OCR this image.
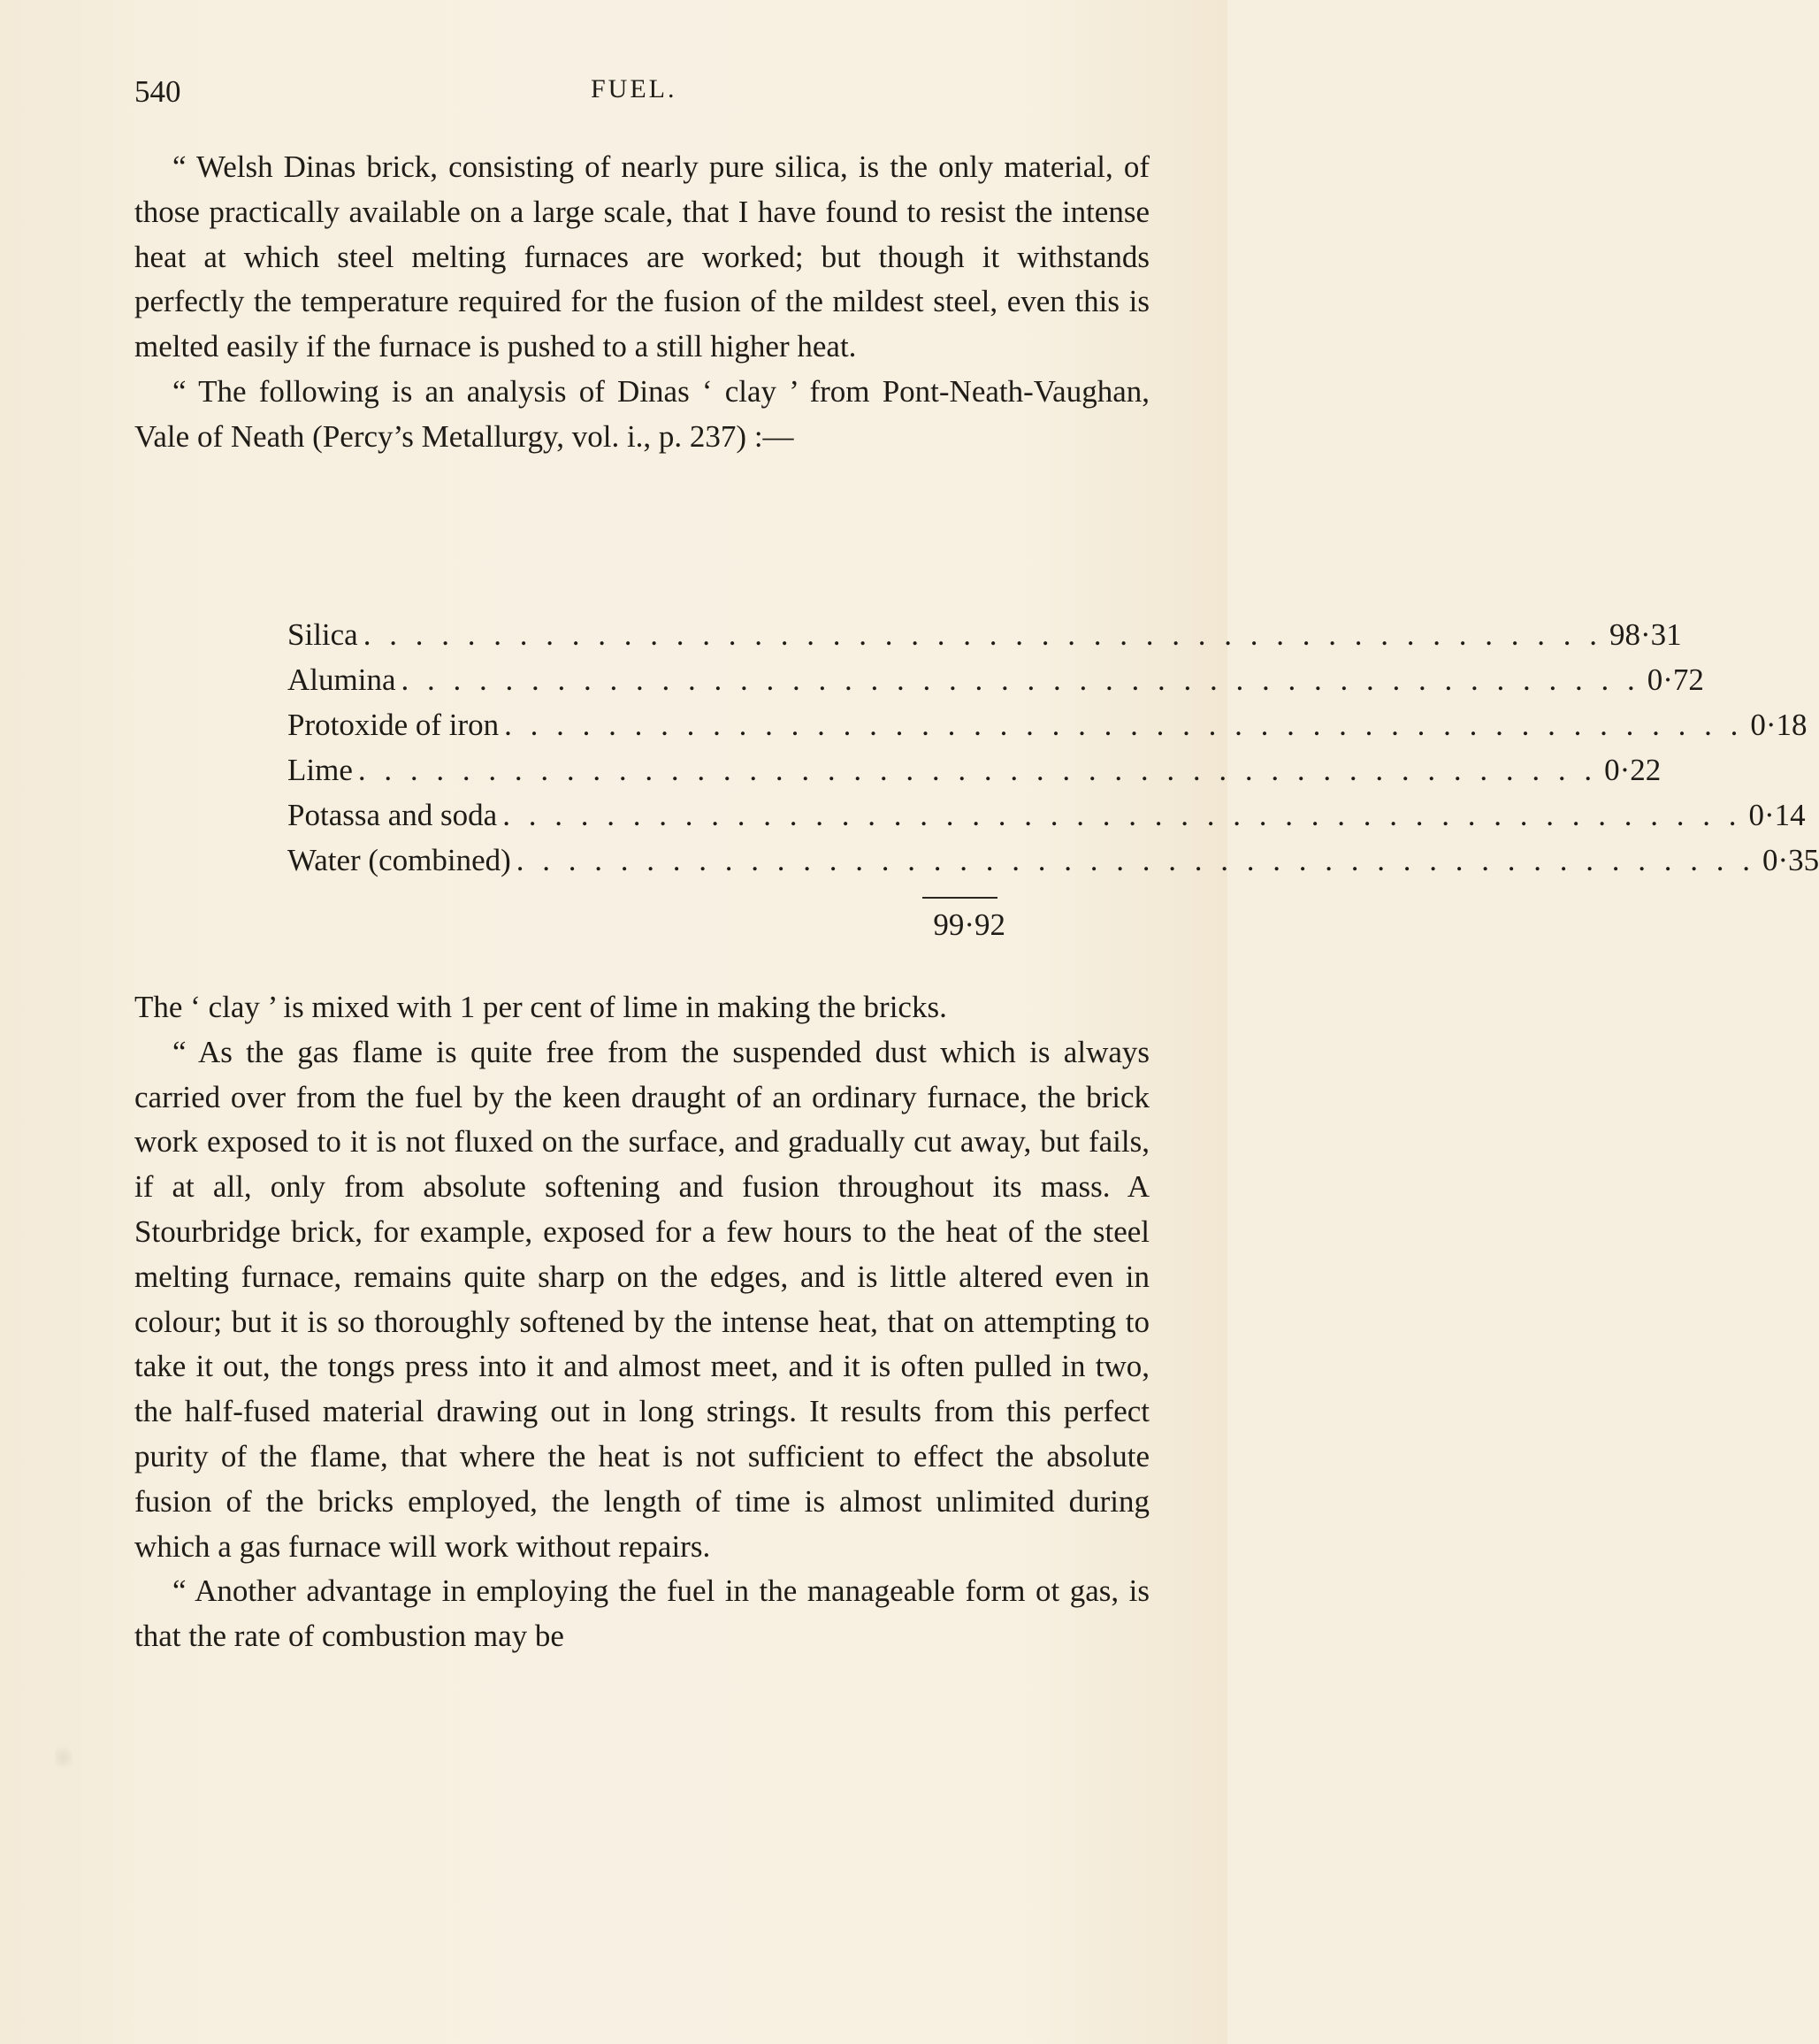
540	FUEL.

“ Welsh Dinas brick, consisting of nearly pure silica, is the only material, of those practically available on a large scale, that I have found to resist the intense heat at which steel melting furnaces are worked; but though it withstands perfectly the temperature required for the fusion of the mildest steel, even this is melted easily if the furnace is pushed to a still higher heat.

“ The following is an analysis of Dinas ‘ clay ’ from Pont-Neath-Vaughan, Vale of Neath (Percy’s Metallurgy, vol. i., p. 237) :—

Silica . . . . . . . . . . . . . . . . . . . . . . . . . . . . . . . . . . . . . . . . . . . . . . . . 98·31
Alumina . . . . . . . . . . . . . . . . . . . . . . . . . . . . . . . . . . . . . . . . . . . . . . . . 0·72
Protoxide of iron . . . . . . . . . . . . . . . . . . . . . . . . . . . . . . . . . . . . . . . . . . . . . . . . 0·18
Lime . . . . . . . . . . . . . . . . . . . . . . . . . . . . . . . . . . . . . . . . . . . . . . . . 0·22
Potassa and soda . . . . . . . . . . . . . . . . . . . . . . . . . . . . . . . . . . . . . . . . . . . . . . . . 0·14
Water (combined) . . . . . . . . . . . . . . . . . . . . . . . . . . . . . . . . . . . . . . . . . . . . . . . . 0·35
99·92

The ‘ clay ’ is mixed with 1 per cent of lime in making the bricks.

“ As the gas flame is quite free from the suspended dust which is always carried over from the fuel by the keen draught of an ordinary furnace, the brick work exposed to it is not fluxed on the surface, and gradually cut away, but fails, if at all, only from absolute softening and fusion throughout its mass. A Stourbridge brick, for example, exposed for a few hours to the heat of the steel melting furnace, remains quite sharp on the edges, and is little altered even in colour; but it is so thoroughly softened by the intense heat, that on attempting to take it out, the tongs press into it and almost meet, and it is often pulled in two, the half-fused material drawing out in long strings. It results from this perfect purity of the flame, that where the heat is not sufficient to effect the absolute fusion of the bricks employed, the length of time is almost unlimited during which a gas furnace will work without repairs.

“ Another advantage in employing the fuel in the manageable form ot gas, is that the rate of combustion may be
